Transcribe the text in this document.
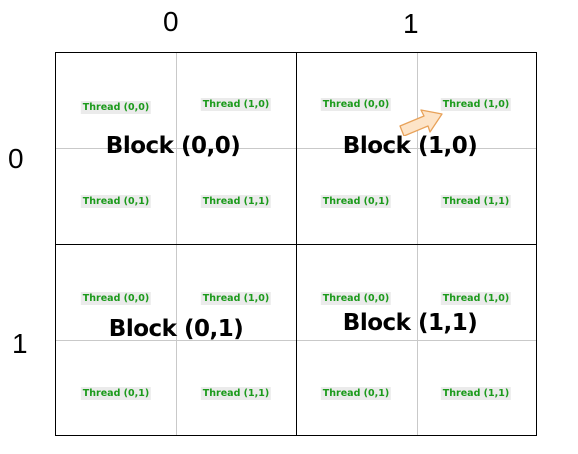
0	1
0
1
Thread (0,0)	Thread (1,0)
Thread (0,1)	Thread (1,1)
Block (0,0)
Thread (0,0)	Thread (1,0)
Thread (0,1)	Thread (1,1)
Block (1,0)
Thread (0,0)	Thread (1,0)
Thread (0,1)	Thread (1,1)
Block (0,1)
Thread (0,0)	Thread (1,0)
Thread (0,1)	Thread (1,1)
Block (1,1)
